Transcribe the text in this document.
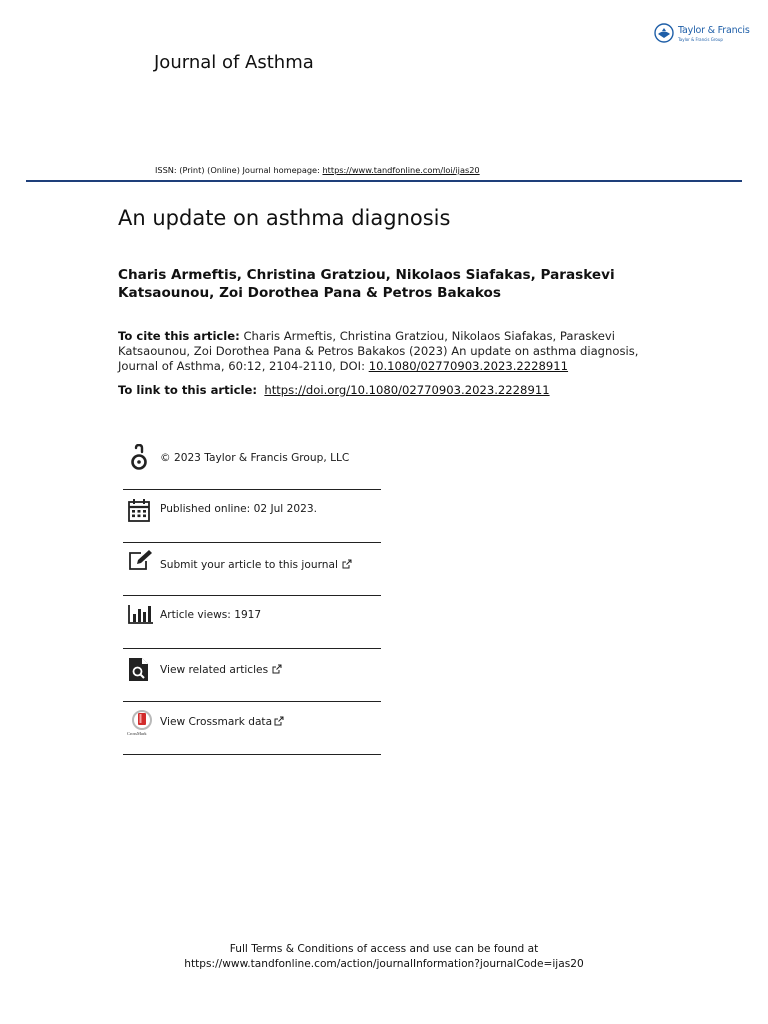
Taylor & Francis
Taylor & Francis Group
Journal of Asthma
ISSN: (Print) (Online) Journal homepage: https://www.tandfonline.com/loi/ijas20
An update on asthma diagnosis
Charis Armeftis, Christina Gratziou, Nikolaos Siafakas, Paraskevi Katsaounou, Zoi Dorothea Pana & Petros Bakakos
To cite this article: Charis Armeftis, Christina Gratziou, Nikolaos Siafakas, Paraskevi Katsaounou, Zoi Dorothea Pana & Petros Bakakos (2023) An update on asthma diagnosis, Journal of Asthma, 60:12, 2104-2110, DOI: 10.1080/02770903.2023.2228911
To link to this article: https://doi.org/10.1080/02770903.2023.2228911
© 2023 Taylor & Francis Group, LLC
Published online: 02 Jul 2023.
Submit your article to this journal
Article views: 1917
View related articles
CrossMark
View Crossmark data
Full Terms & Conditions of access and use can be found at
https://www.tandfonline.com/action/journalInformation?journalCode=ijas20
